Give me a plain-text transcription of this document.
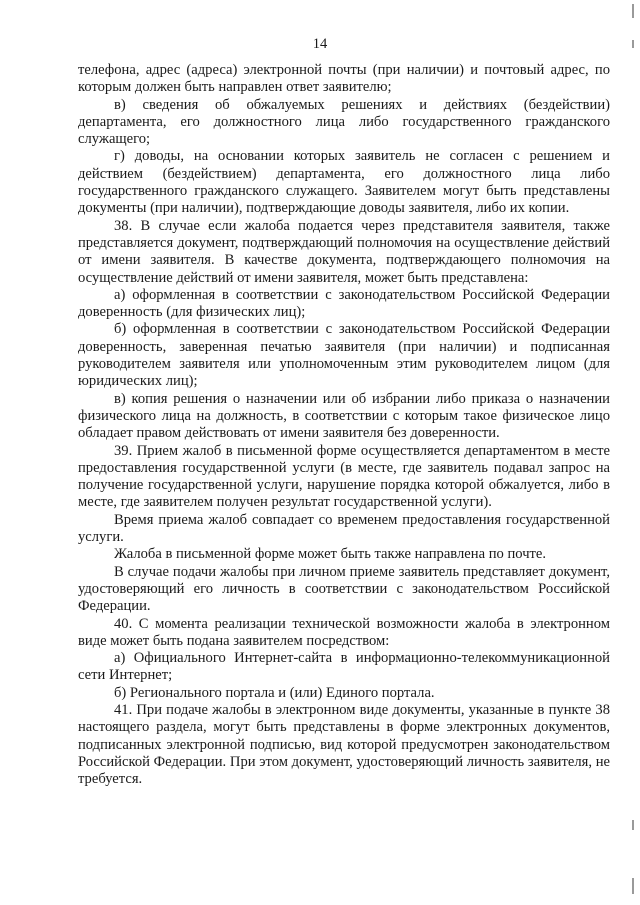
14

телефона, адрес (адреса) электронной почты (при наличии) и почтовый адрес, по которым должен быть направлен ответ заявителю;

в) сведения об обжалуемых решениях и действиях (бездействии) департамента, его должностного лица либо государственного гражданского служащего;

г) доводы, на основании которых заявитель не согласен с решением и действием (бездействием) департамента, его должностного лица либо государственного гражданского служащего. Заявителем могут быть представлены документы (при наличии), подтверждающие доводы заявителя, либо их копии.

38. В случае если жалоба подается через представителя заявителя, также представляется документ, подтверждающий полномочия на осуществление действий от имени заявителя. В качестве документа, подтверждающего полномочия на осуществление действий от имени заявителя, может быть представлена:

а) оформленная в соответствии с законодательством Российской Федерации доверенность (для физических лиц);

б) оформленная в соответствии с законодательством Российской Федерации доверенность, заверенная печатью заявителя (при наличии) и подписанная руководителем заявителя или уполномоченным этим руководителем лицом (для юридических лиц);

в) копия решения о назначении или об избрании либо приказа о назначении физического лица на должность, в соответствии с которым такое физическое лицо обладает правом действовать от имени заявителя без доверенности.

39. Прием жалоб в письменной форме осуществляется департаментом в месте предоставления государственной услуги (в месте, где заявитель подавал запрос на получение государственной услуги, нарушение порядка которой обжалуется, либо в месте, где заявителем получен результат государственной услуги).

Время приема жалоб совпадает со временем предоставления государственной услуги.

Жалоба в письменной форме может быть также направлена по почте.

В случае подачи жалобы при личном приеме заявитель представляет документ, удостоверяющий его личность в соответствии с законодательством Российской Федерации.

40. С момента реализации технической возможности жалоба в электронном виде может быть подана заявителем посредством:

а) Официального Интернет-сайта в информационно-телекоммуникационной сети Интернет;

б) Регионального портала и (или) Единого портала.

41. При подаче жалобы в электронном виде документы, указанные в пункте 38 настоящего раздела, могут быть представлены в форме электронных документов, подписанных электронной подписью, вид которой предусмотрен законодательством Российской Федерации. При этом документ, удостоверяющий личность заявителя, не требуется.
